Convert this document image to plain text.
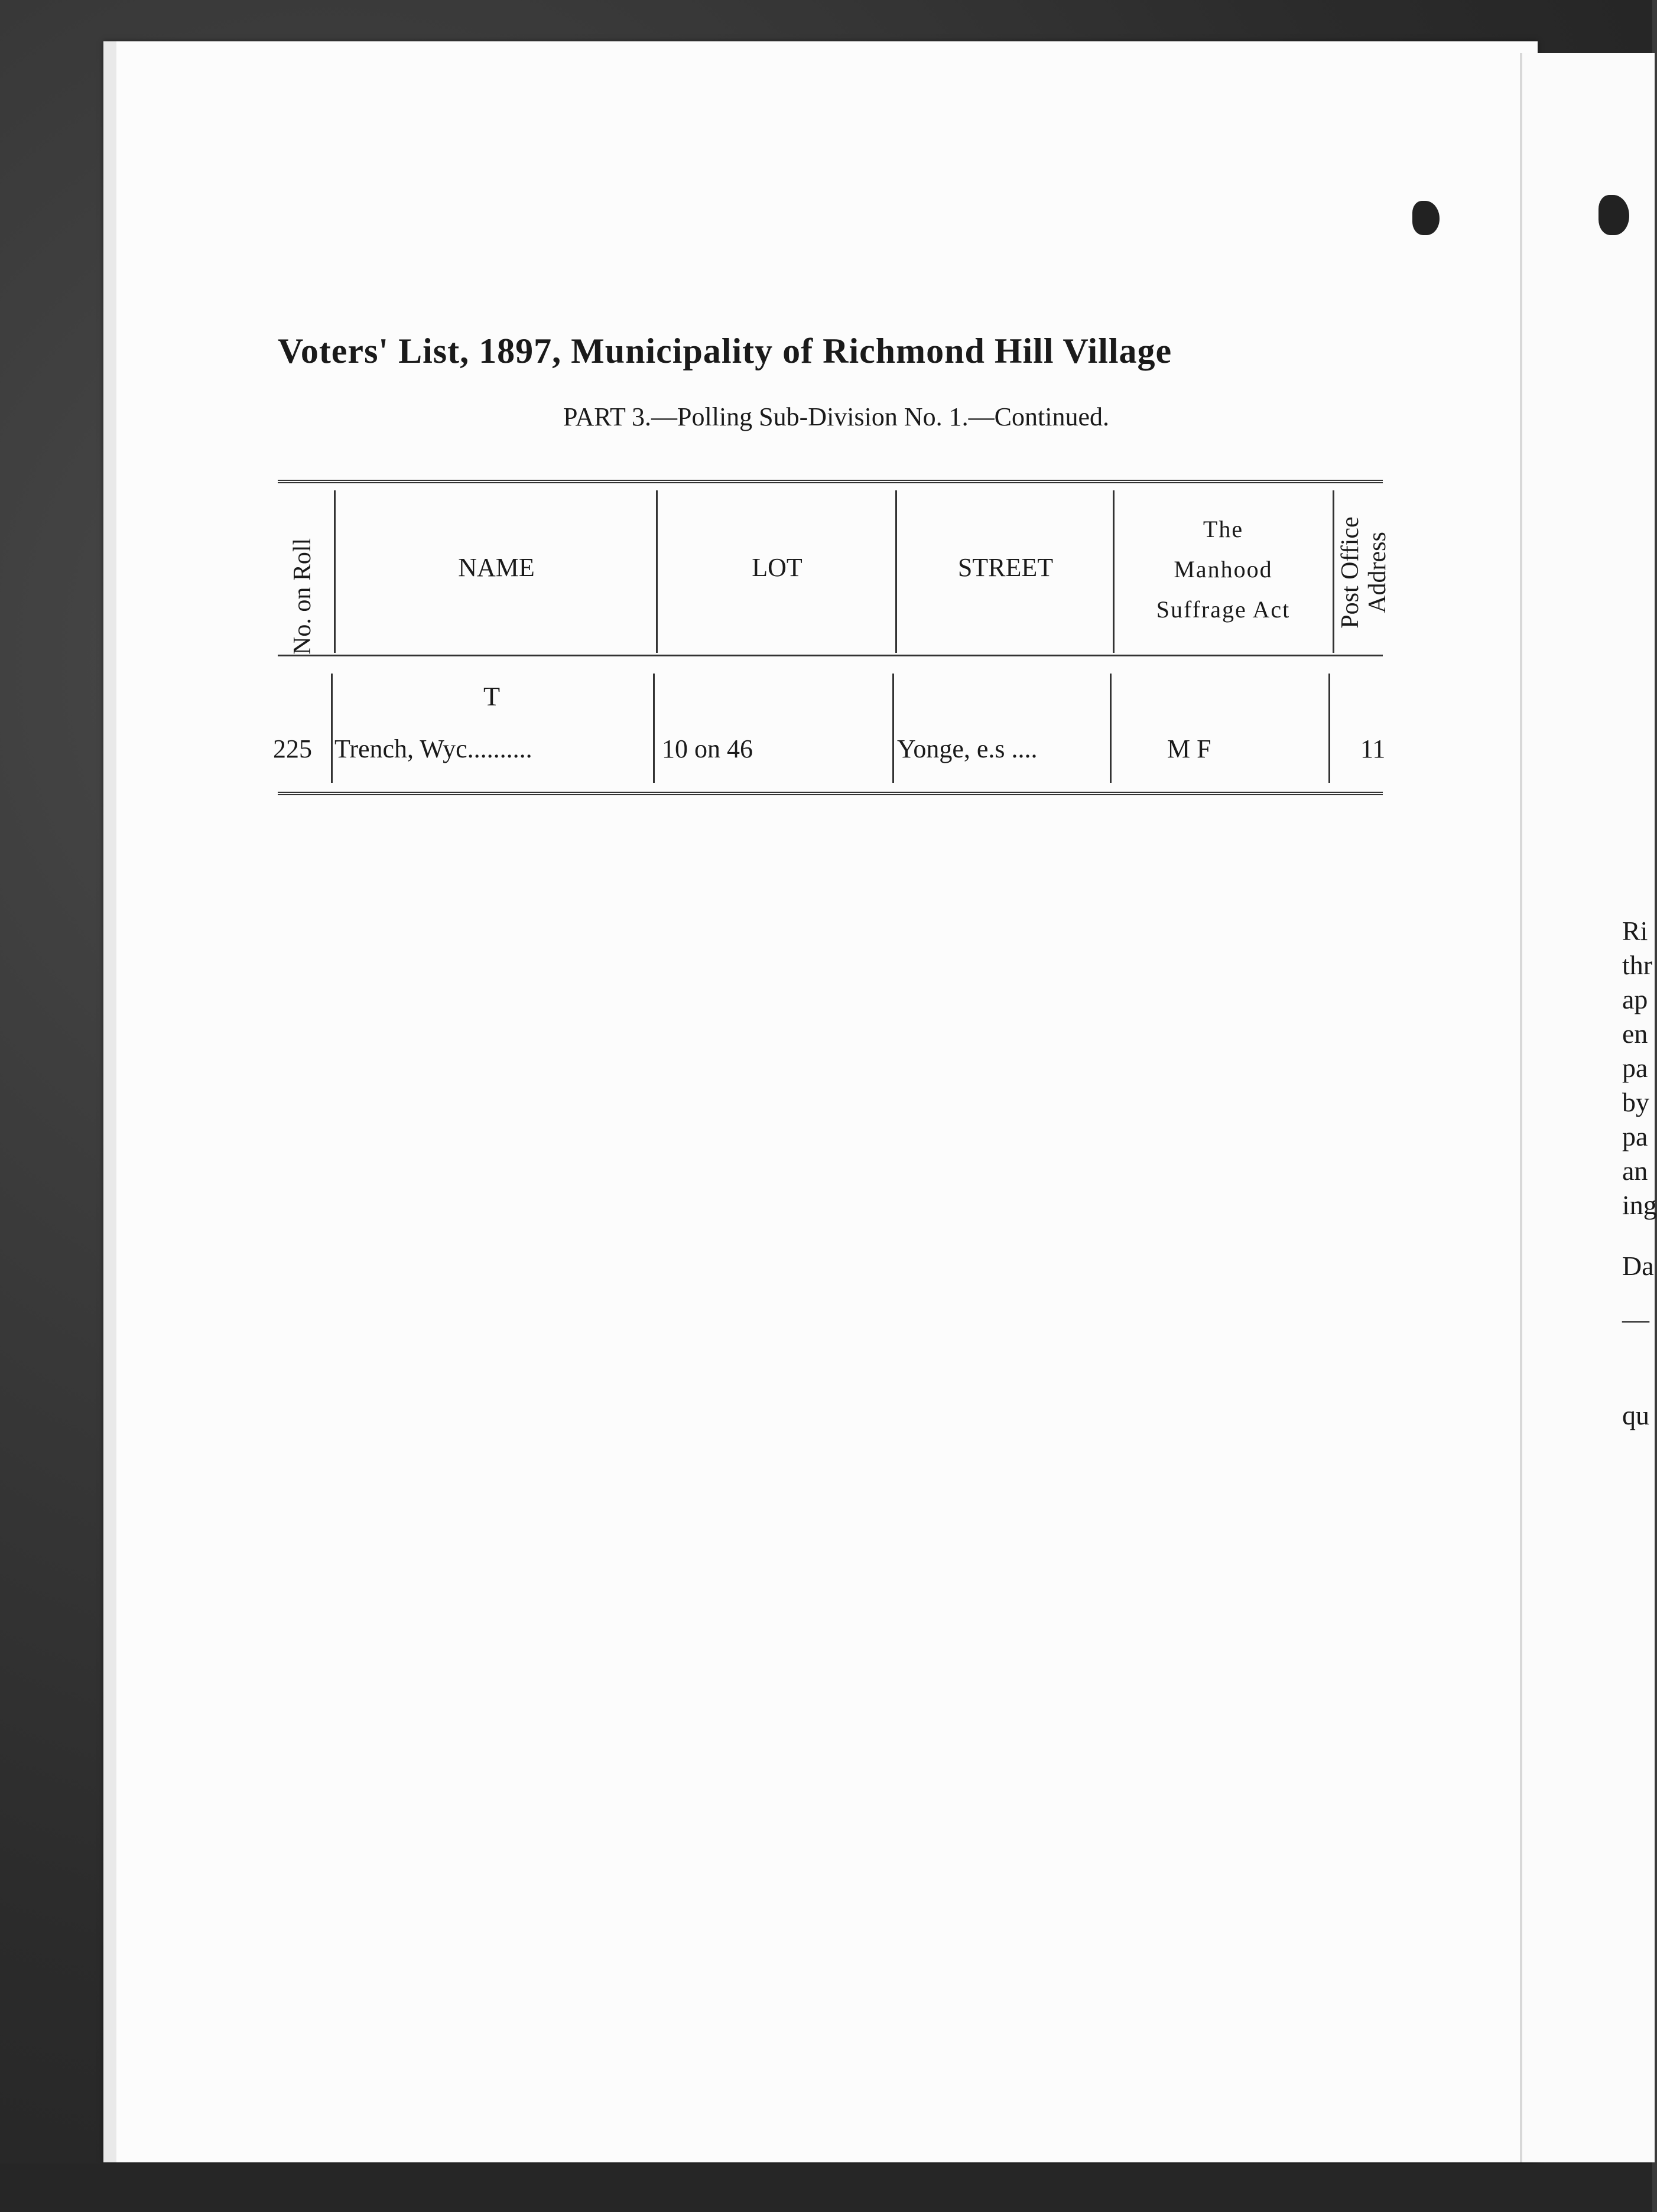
Voters' List, 1897, Municipality of Richmond Hill Village
PART 3.—Polling Sub-Division No. 1.—Continued.
No. on Roll	NAME	LOT	STREET
The
Manhood
Suffrage Act	Post Office Address
T
225 Trench, Wyc..........	10 on 46	Yonge, e.s ....	M F	11
Ri
thr
ap
en
pa
by
pa
an
ing
Da
—
qu
